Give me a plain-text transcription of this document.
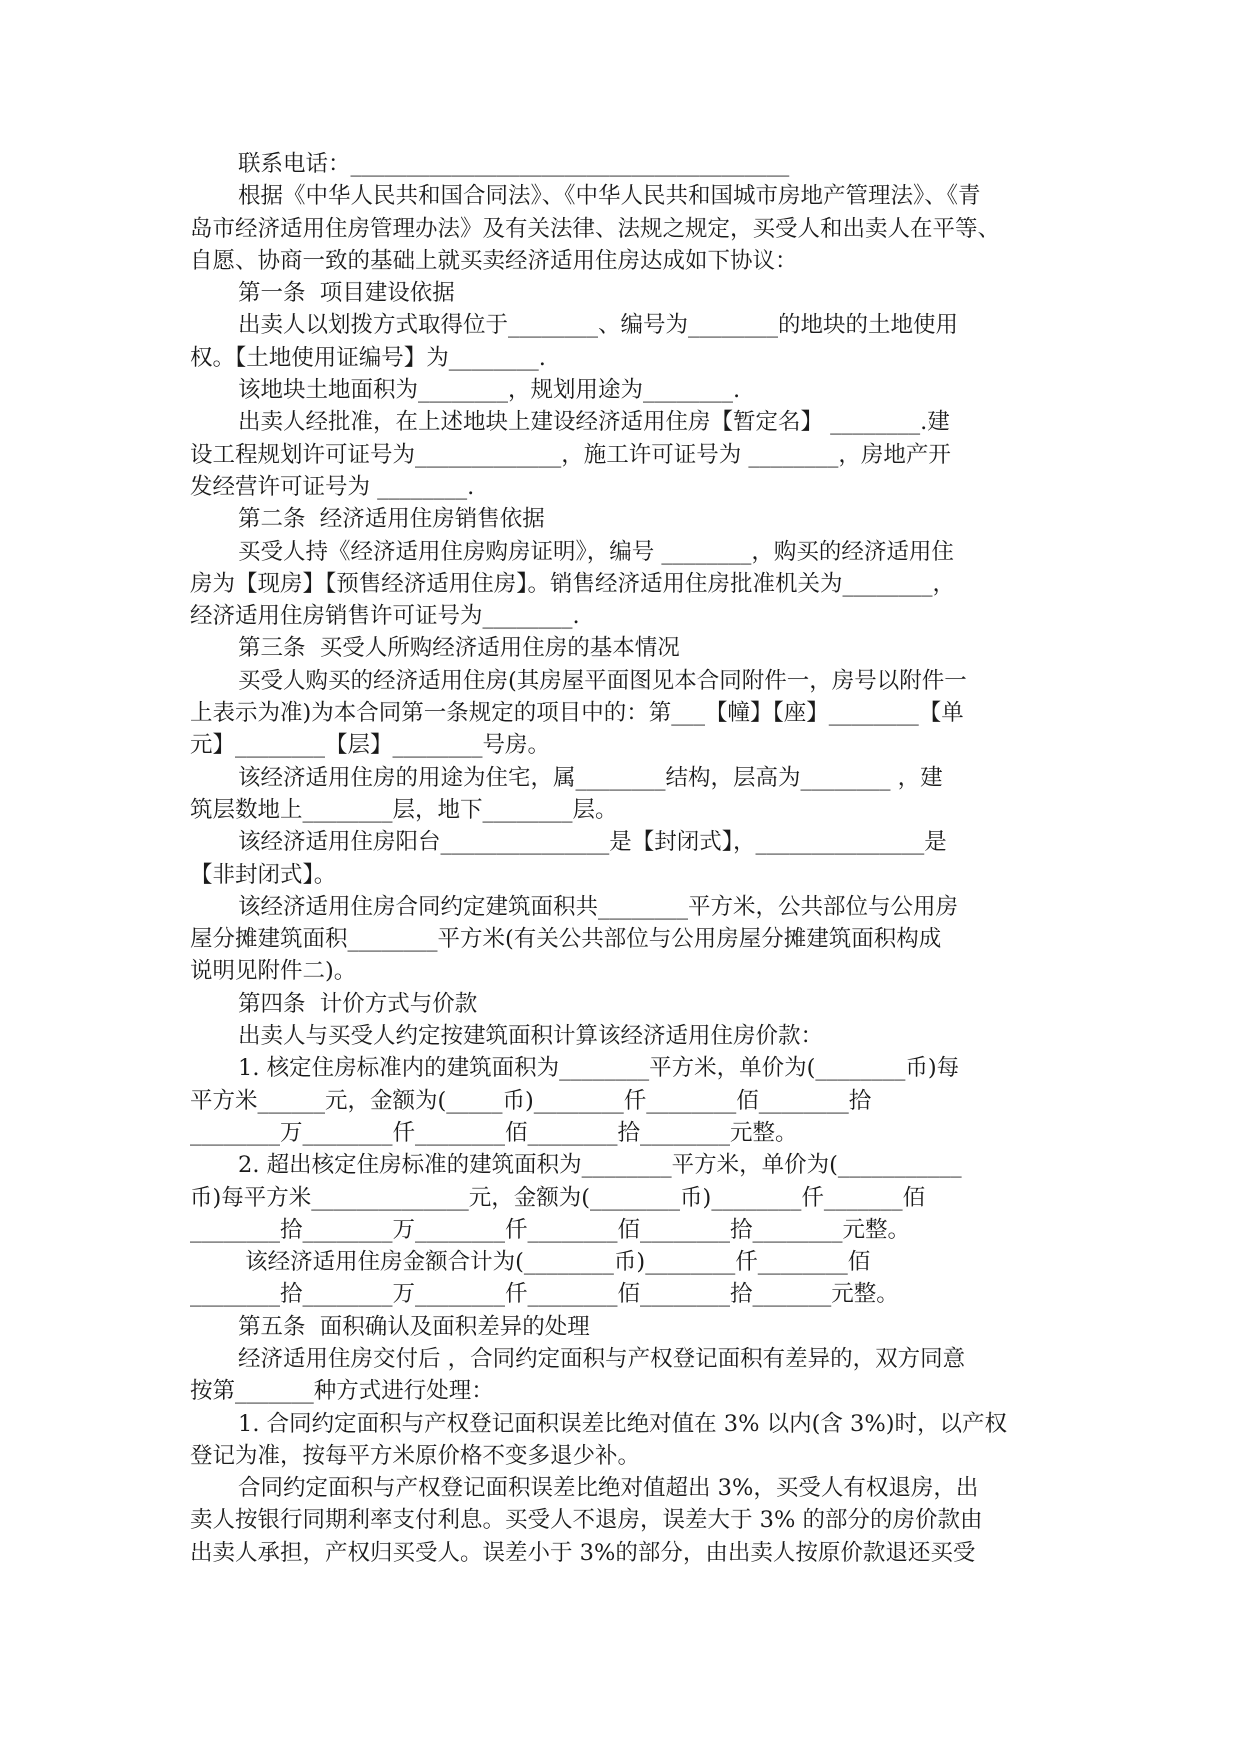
联系电话：_______________________________________
根据《中华人民共和国合同法》、《中华人民共和国城市房地产管理法》、《青
岛市经济适用住房管理办法》及有关法律、法规之规定，买受人和出卖人在平等、
自愿、协商一致的基础上就买卖经济适用住房达成如下协议：
第一条  项目建设依据
出卖人以划拨方式取得位于________、编号为________的地块的土地使用
权。【土地使用证编号】为________.
该地块土地面积为________，规划用途为________.
出卖人经批准，在上述地块上建设经济适用住房【暂定名】 ________.建
设工程规划许可证号为_____________，施工许可证号为 ________，房地产开
发经营许可证号为 ________.
第二条  经济适用住房销售依据
买受人持《经济适用住房购房证明》，编号 ________，购买的经济适用住
房为【现房】【预售经济适用住房】。销售经济适用住房批准机关为________，
经济适用住房销售许可证号为________.
第三条  买受人所购经济适用住房的基本情况
买受人购买的经济适用住房(其房屋平面图见本合同附件一，房号以附件一
上表示为准)为本合同第一条规定的项目中的：第___【幢】【座】________【单
元】________【层】________号房。
该经济适用住房的用途为住宅，属________结构，层高为________ ，建
筑层数地上________层，地下________层。
该经济适用住房阳台_______________是【封闭式】，_______________是
【非封闭式】。
该经济适用住房合同约定建筑面积共________平方米，公共部位与公用房
屋分摊建筑面积________平方米(有关公共部位与公用房屋分摊建筑面积构成
说明见附件二)。
第四条  计价方式与价款
出卖人与买受人约定按建筑面积计算该经济适用住房价款：
1. 核定住房标准内的建筑面积为________平方米，单价为(________币)每
平方米______元，金额为(_____币)________仟________佰________拾
________万________仟________佰________拾________元整。
2. 超出核定住房标准的建筑面积为________平方米，单价为(___________
币)每平方米______________元，金额为(________币)________仟_______佰
________拾________万________仟________佰________拾________元整。
该经济适用住房金额合计为(________币)________仟________佰
________拾________万________仟________佰________拾_______元整。
第五条  面积确认及面积差异的处理
经济适用住房交付后 ，合同约定面积与产权登记面积有差异的，双方同意
按第_______种方式进行处理：
1. 合同约定面积与产权登记面积误差比绝对值在 3% 以内(含 3%)时，以产权
登记为准，按每平方米原价格不变多退少补。
合同约定面积与产权登记面积误差比绝对值超出 3%，买受人有权退房，出
卖人按银行同期利率支付利息。买受人不退房，误差大于 3% 的部分的房价款由
出卖人承担，产权归买受人。误差小于 3%的部分，由出卖人按原价款退还买受
